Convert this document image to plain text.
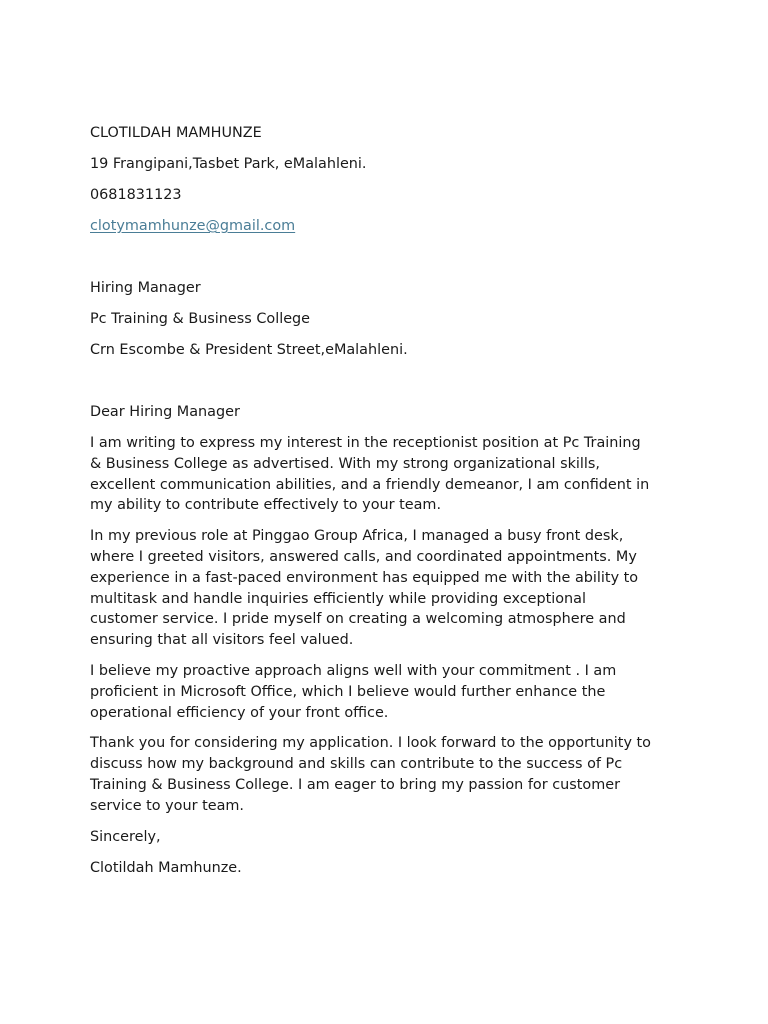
CLOTILDAH MAMHUNZE

19 Frangipani,Tasbet Park, eMalahleni.

0681831123

clotymamhunze@gmail.com

Hiring Manager

Pc Training & Business College

Crn Escombe & President Street,eMalahleni.

Dear Hiring Manager

I am writing to express my interest in the receptionist position at Pc Training
& Business College as advertised. With my strong organizational skills,
excellent communication abilities, and a friendly demeanor, I am confident in
my ability to contribute effectively to your team.
In my previous role at Pinggao Group Africa, I managed a busy front desk,
where I greeted visitors, answered calls, and coordinated appointments. My
experience in a fast-paced environment has equipped me with the ability to
multitask and handle inquiries efficiently while providing exceptional
customer service. I pride myself on creating a welcoming atmosphere and
ensuring that all visitors feel valued.
I believe my proactive approach aligns well with your commitment . I am
proficient in Microsoft Office, which I believe would further enhance the
operational efficiency of your front office.
Thank you for considering my application. I look forward to the opportunity to
discuss how my background and skills can contribute to the success of Pc
Training & Business College. I am eager to bring my passion for customer
service to your team.

Sincerely,

Clotildah Mamhunze.
